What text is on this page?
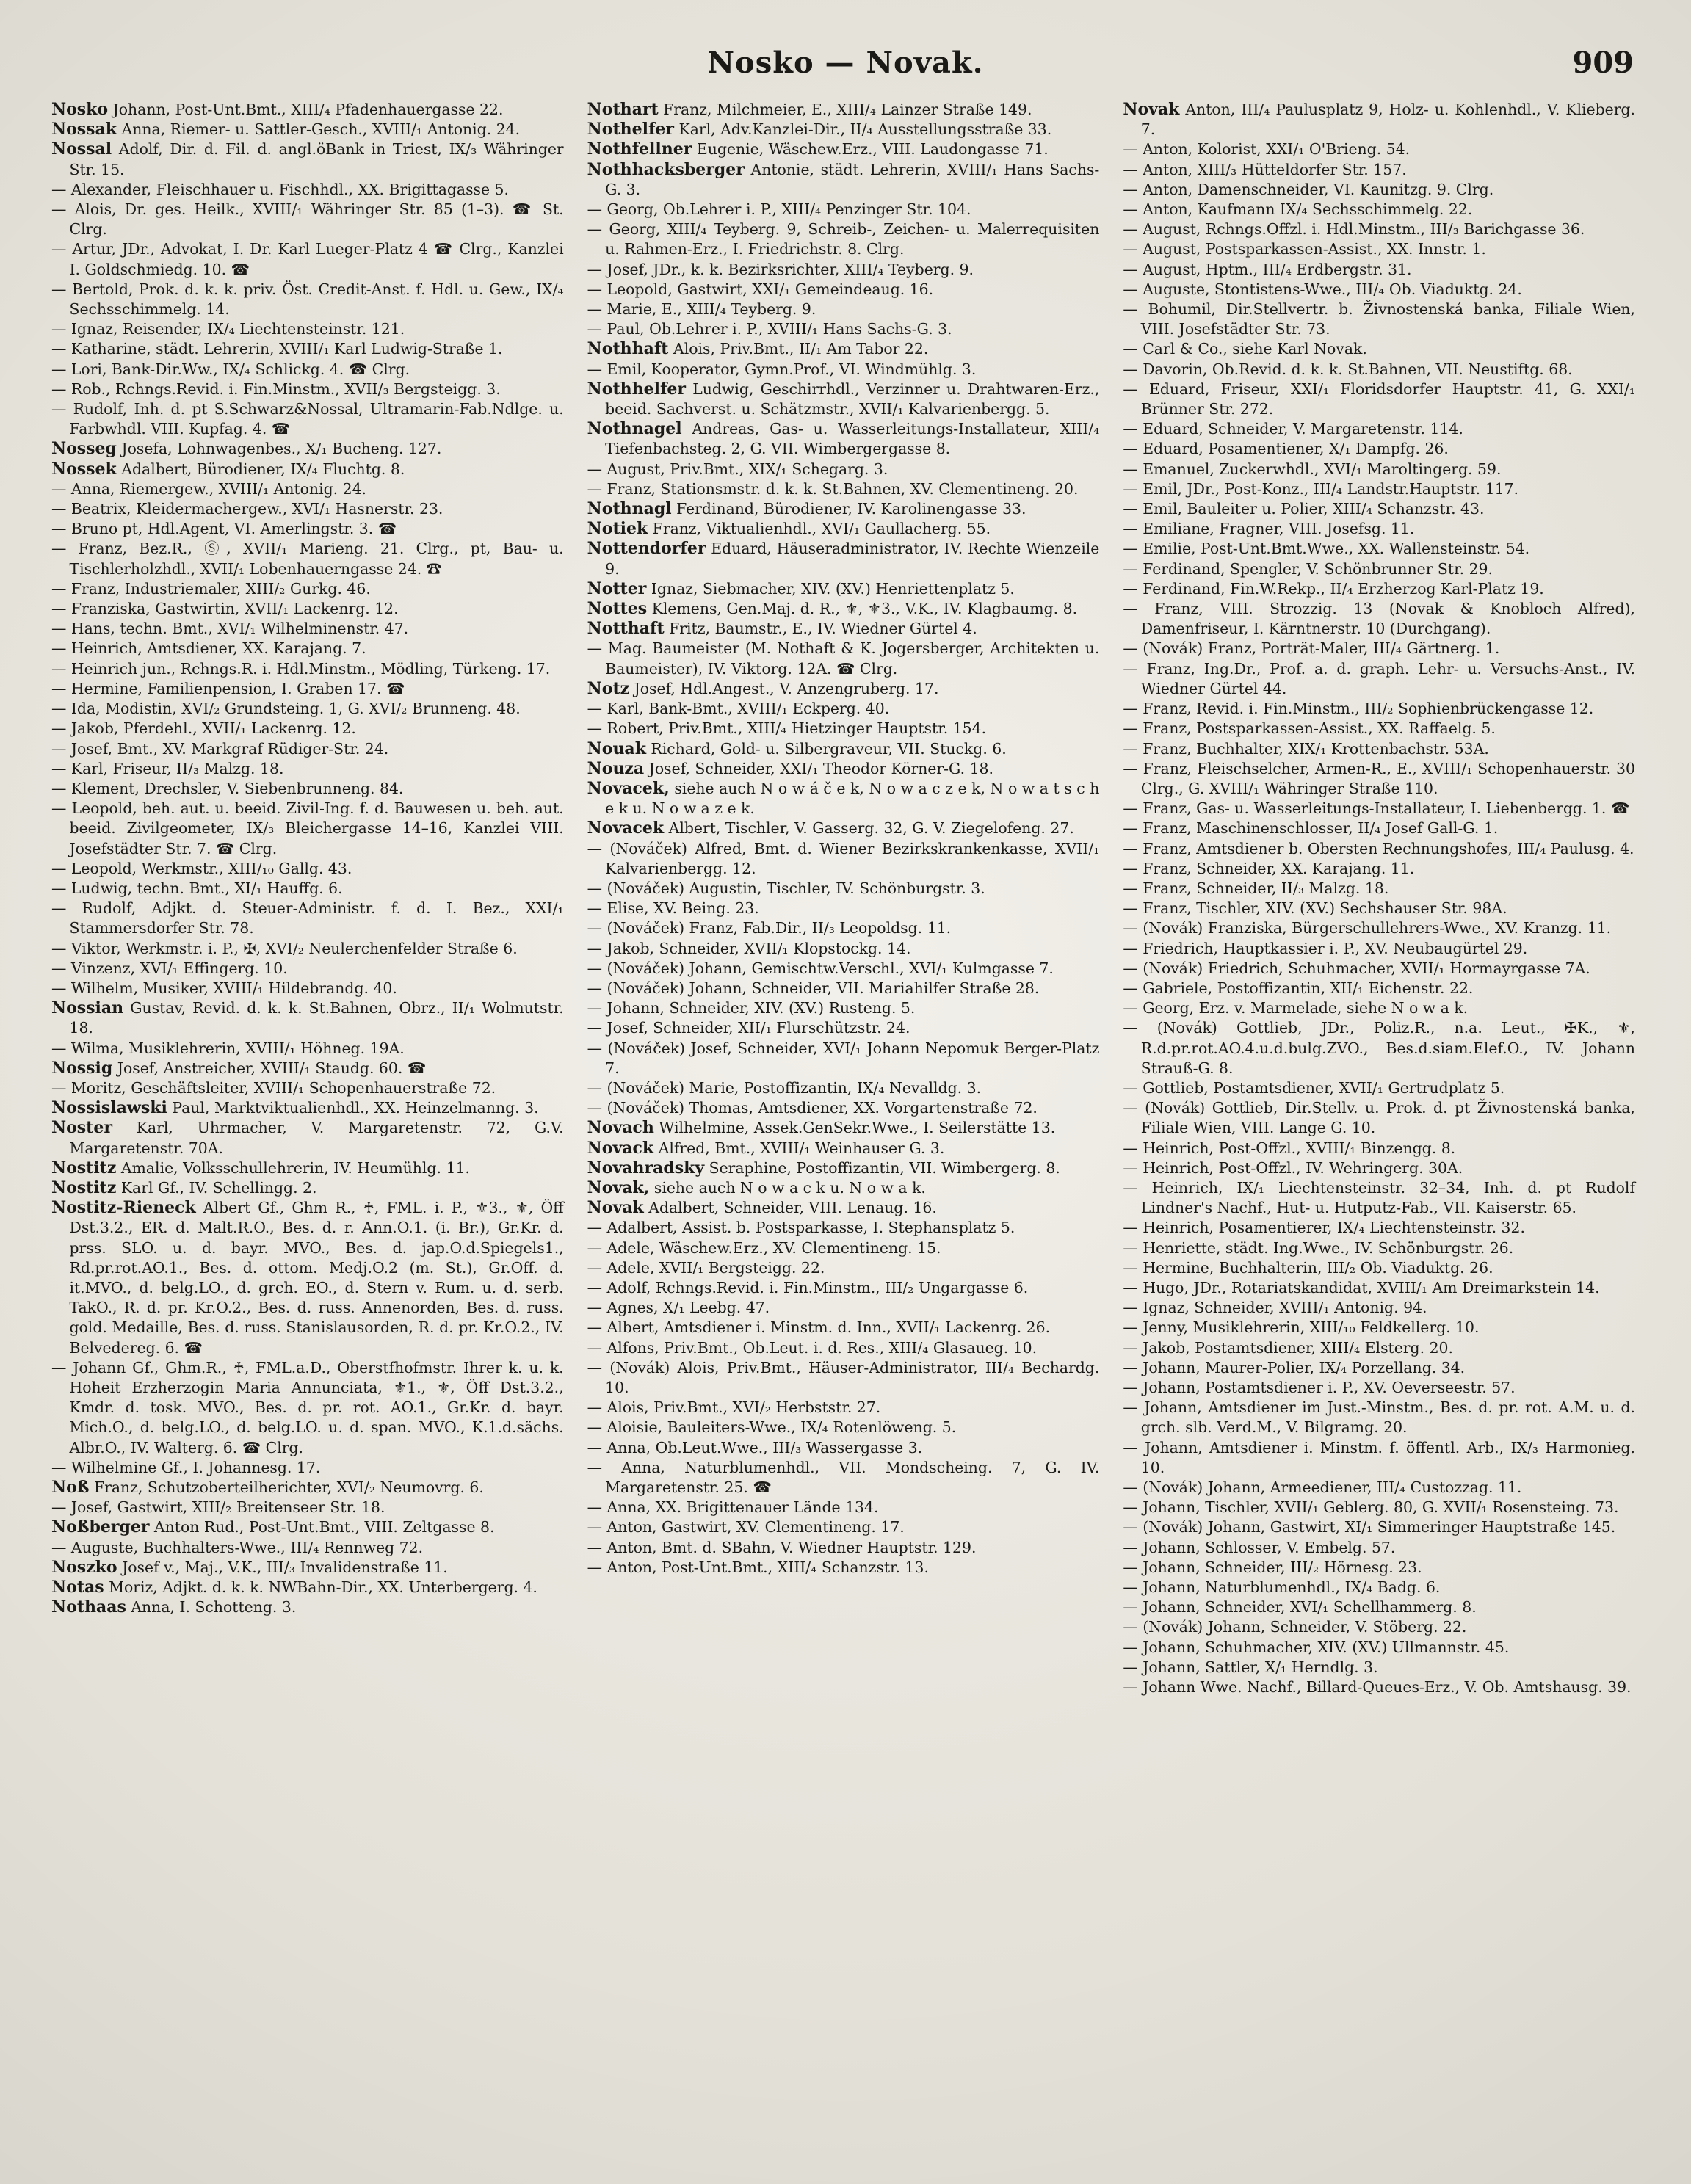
Nosko — Novak.	909

Nosko Johann, Post-Unt.Bmt., XIII/₄ Pfadenhauergasse 22.

Nossak Anna, Riemer- u. Sattler-Gesch., XVIII/₁ Antonig. 24.

Nossal Adolf, Dir. d. Fil. d. angl.öBank in Triest, IX/₃ Währinger Str. 15.

— Alexander, Fleischhauer u. Fischhdl., XX. Brigittagasse 5.

— Alois, Dr. ges. Heilk., XVIII/₁ Währinger Str. 85 (1–3). ☎ St. Clrg.

— Artur, JDr., Advokat, I. Dr. Karl Lueger-Platz 4 ☎ Clrg., Kanzlei I. Goldschmiedg. 10. ☎

— Bertold, Prok. d. k. k. priv. Öst. Credit-Anst. f. Hdl. u. Gew., IX/₄ Sechsschimmelg. 14.

— Ignaz, Reisender, IX/₄ Liechtensteinstr. 121.

— Katharine, städt. Lehrerin, XVIII/₁ Karl Ludwig-Straße 1.

— Lori, Bank-Dir.Ww., IX/₄ Schlickg. 4. ☎ Clrg.

— Rob., Rchngs.Revid. i. Fin.Minstm., XVII/₃ Bergsteigg. 3.

— Rudolf, Inh. d. pt S.Schwarz&Nossal, Ultramarin-Fab.Ndlge. u. Farbwhdl. VIII. Kupfag. 4. ☎

Nosseg Josefa, Lohnwagenbes., X/₁ Bucheng. 127.

Nossek Adalbert, Bürodiener, IX/₄ Fluchtg. 8.

— Anna, Riemergew., XVIII/₁ Antonig. 24.

— Beatrix, Kleidermachergew., XVI/₁ Hasnerstr. 23.

— Bruno pt, Hdl.Agent, VI. Amerlingstr. 3. ☎

— Franz, Bez.R., Ⓢ, XVII/₁ Marieng. 21. Clrg., pt, Bau- u. Tischlerholzhdl., XVII/₁ Lobenhauerngasse 24. ☎

— Franz, Industriemaler, XIII/₂ Gurkg. 46.

— Franziska, Gastwirtin, XVII/₁ Lackenrg. 12.

— Hans, techn. Bmt., XVI/₁ Wilhelminenstr. 47.

— Heinrich, Amtsdiener, XX. Karajang. 7.

— Heinrich jun., Rchngs.R. i. Hdl.Minstm., Mödling, Türkeng. 17.

— Hermine, Familienpension, I. Graben 17. ☎

— Ida, Modistin, XVI/₂ Grundsteing. 1, G. XVI/₂ Brunneng. 48.

— Jakob, Pferdehl., XVII/₁ Lackenrg. 12.

— Josef, Bmt., XV. Markgraf Rüdiger-Str. 24.

— Karl, Friseur, II/₃ Malzg. 18.

— Klement, Drechsler, V. Siebenbrunneng. 84.

— Leopold, beh. aut. u. beeid. Zivil-Ing. f. d. Bauwesen u. beh. aut. beeid. Zivilgeometer, IX/₃ Bleichergasse 14–16, Kanzlei VIII. Josefstädter Str. 7. ☎ Clrg.

— Leopold, Werkmstr., XIII/₁₀ Gallg. 43.

— Ludwig, techn. Bmt., XI/₁ Hauffg. 6.

— Rudolf, Adjkt. d. Steuer-Administr. f. d. I. Bez., XXI/₁ Stammersdorfer Str. 78.

— Viktor, Werkmstr. i. P., ✠, XVI/₂ Neulerchenfelder Straße 6.

— Vinzenz, XVI/₁ Effingerg. 10.

— Wilhelm, Musiker, XVIII/₁ Hildebrandg. 40.

Nossian Gustav, Revid. d. k. k. St.Bahnen, Obrz., II/₁ Wolmutstr. 18.

— Wilma, Musiklehrerin, XVIII/₁ Höhneg. 19A.

Nossig Josef, Anstreicher, XVIII/₁ Staudg. 60. ☎

— Moritz, Geschäftsleiter, XVIII/₁ Schopenhauerstraße 72.

Nossislawski Paul, Marktviktualienhdl., XX. Heinzelmanng. 3.

Noster Karl, Uhrmacher, V. Margaretenstr. 72, G.V. Margaretenstr. 70A.

Nostitz Amalie, Volksschullehrerin, IV. Heumühlg. 11.

Nostitz Karl Gf., IV. Schellingg. 2.

Nostitz-Rieneck Albert Gf., Ghm R., ♰, FML. i. P., ⚜3., ⚜, Öff Dst.3.2., ER. d. Malt.R.O., Bes. d. r. Ann.O.1. (i. Br.), Gr.Kr. d. prss. SLO. u. d. bayr. MVO., Bes. d. jap.O.d.Spiegels1., Rd.pr.rot.AO.1., Bes. d. ottom. Medj.O.2 (m. St.), Gr.Off. d. it.MVO., d. belg.LO., d. grch. EO., d. Stern v. Rum. u. d. serb. TakO., R. d. pr. Kr.O.2., Bes. d. russ. Annenorden, Bes. d. russ. gold. Medaille, Bes. d. russ. Stanislausorden, R. d. pr. Kr.O.2., IV. Belvedereg. 6. ☎

— Johann Gf., Ghm.R., ♰, FML.a.D., Oberstfhofmstr. Ihrer k. u. k. Hoheit Erzherzogin Maria Annunciata, ⚜1., ⚜, Öff Dst.3.2., Kmdr. d. tosk. MVO., Bes. d. pr. rot. AO.1., Gr.Kr. d. bayr. Mich.O., d. belg.LO., d. belg.LO. u. d. span. MVO., K.1.d.sächs. Albr.O., IV. Walterg. 6. ☎ Clrg.

— Wilhelmine Gf., I. Johannesg. 17.

Noß Franz, Schutzoberteilherichter, XVI/₂ Neumovrg. 6.

— Josef, Gastwirt, XIII/₂ Breitenseer Str. 18.

Noßberger Anton Rud., Post-Unt.Bmt., VIII. Zeltgasse 8.

— Auguste, Buchhalters-Wwe., III/₄ Rennweg 72.

Noszko Josef v., Maj., V.K., III/₃ Invalidenstraße 11.

Notas Moriz, Adjkt. d. k. k. NWBahn-Dir., XX. Unterbergerg. 4.

Nothaas Anna, I. Schotteng. 3.

Nothart Franz, Milchmeier, E., XIII/₄ Lainzer Straße 149.

Nothelfer Karl, Adv.Kanzlei-Dir., II/₄ Ausstellungsstraße 33.

Nothfellner Eugenie, Wäschew.Erz., VIII. Laudongasse 71.

Nothhacksberger Antonie, städt. Lehrerin, XVIII/₁ Hans Sachs-G. 3.

— Georg, Ob.Lehrer i. P., XIII/₄ Penzinger Str. 104.

— Georg, XIII/₄ Teyberg. 9, Schreib-, Zeichen- u. Malerrequisiten u. Rahmen-Erz., I. Friedrichstr. 8. Clrg.

— Josef, JDr., k. k. Bezirksrichter, XIII/₄ Teyberg. 9.

— Leopold, Gastwirt, XXI/₁ Gemeindeaug. 16.

— Marie, E., XIII/₄ Teyberg. 9.

— Paul, Ob.Lehrer i. P., XVIII/₁ Hans Sachs-G. 3.

Nothhaft Alois, Priv.Bmt., II/₁ Am Tabor 22.

— Emil, Kooperator, Gymn.Prof., VI. Windmühlg. 3.

Nothhelfer Ludwig, Geschirrhdl., Verzinner u. Drahtwaren-Erz., beeid. Sachverst. u. Schätzmstr., XVII/₁ Kalvarienbergg. 5.

Nothnagel Andreas, Gas- u. Wasserleitungs-Installateur, XIII/₄ Tiefenbachsteg. 2, G. VII. Wimbergergasse 8.

— August, Priv.Bmt., XIX/₁ Schegarg. 3.

— Franz, Stationsmstr. d. k. k. St.Bahnen, XV. Clementineng. 20.

Nothnagl Ferdinand, Bürodiener, IV. Karolinengasse 33.

Notiek Franz, Viktualienhdl., XVI/₁ Gaullacherg. 55.

Nottendorfer Eduard, Häuseradministrator, IV. Rechte Wienzeile 9.

Notter Ignaz, Siebmacher, XIV. (XV.) Henriettenplatz 5.

Nottes Klemens, Gen.Maj. d. R., ⚜, ⚜3., V.K., IV. Klagbaumg. 8.

Notthaft Fritz, Baumstr., E., IV. Wiedner Gürtel 4.

— Mag. Baumeister (M. Nothaft & K. Jogersberger, Architekten u. Baumeister), IV. Viktorg. 12A. ☎ Clrg.

Notz Josef, Hdl.Angest., V. Anzengruberg. 17.

— Karl, Bank-Bmt., XVIII/₁ Eckperg. 40.

— Robert, Priv.Bmt., XIII/₄ Hietzinger Hauptstr. 154.

Nouak Richard, Gold- u. Silbergraveur, VII. Stuckg. 6.

Nouza Josef, Schneider, XXI/₁ Theodor Körner-G. 18.

Novacek, siehe auch N o w á č e k, N o w a c z e k, N o w a t s c h e k u. N o w a z e k.

Novacek Albert, Tischler, V. Gasserg. 32, G. V. Ziegelofeng. 27.

— (Nováček) Alfred, Bmt. d. Wiener Bezirkskrankenkasse, XVII/₁ Kalvarienbergg. 12.

— (Nováček) Augustin, Tischler, IV. Schönburgstr. 3.

— Elise, XV. Being. 23.

— (Nováček) Franz, Fab.Dir., II/₃ Leopoldsg. 11.

— Jakob, Schneider, XVII/₁ Klopstockg. 14.

— (Nováček) Johann, Gemischtw.Verschl., XVI/₁ Kulmgasse 7.

— (Nováček) Johann, Schneider, VII. Mariahilfer Straße 28.

— Johann, Schneider, XIV. (XV.) Rusteng. 5.

— Josef, Schneider, XII/₁ Flurschützstr. 24.

— (Nováček) Josef, Schneider, XVI/₁ Johann Nepomuk Berger-Platz 7.

— (Nováček) Marie, Postoffizantin, IX/₄ Nevalldg. 3.

— (Nováček) Thomas, Amtsdiener, XX. Vorgartenstraße 72.

Novach Wilhelmine, Assek.GenSekr.Wwe., I. Seilerstätte 13.

Novack Alfred, Bmt., XVIII/₁ Weinhauser G. 3.

Novahradsky Seraphine, Postoffizantin, VII. Wimbergerg. 8.

Novak, siehe auch N o w a c k u. N o w a k.

Novak Adalbert, Schneider, VIII. Lenaug. 16.

— Adalbert, Assist. b. Postsparkasse, I. Stephansplatz 5.

— Adele, Wäschew.Erz., XV. Clementineng. 15.

— Adele, XVII/₁ Bergsteigg. 22.

— Adolf, Rchngs.Revid. i. Fin.Minstm., III/₂ Ungargasse 6.

— Agnes, X/₁ Leebg. 47.

— Albert, Amtsdiener i. Minstm. d. Inn., XVII/₁ Lackenrg. 26.

— Alfons, Priv.Bmt., Ob.Leut. i. d. Res., XIII/₄ Glasaueg. 10.

— (Novák) Alois, Priv.Bmt., Häuser-Administrator, III/₄ Bechardg. 10.

— Alois, Priv.Bmt., XVI/₂ Herbststr. 27.

— Aloisie, Bauleiters-Wwe., IX/₄ Rotenlöweng. 5.

— Anna, Ob.Leut.Wwe., III/₃ Wassergasse 3.

— Anna, Naturblumenhdl., VII. Mondscheing. 7, G. IV. Margaretenstr. 25. ☎

— Anna, XX. Brigittenauer Lände 134.

— Anton, Gastwirt, XV. Clementineng. 17.

— Anton, Bmt. d. SBahn, V. Wiedner Hauptstr. 129.

— Anton, Post-Unt.Bmt., XIII/₄ Schanzstr. 13.

Novak Anton, III/₄ Paulusplatz 9, Holz- u. Kohlenhdl., V. Klieberg. 7.

— Anton, Kolorist, XXI/₁ O'Brieng. 54.

— Anton, XIII/₃ Hütteldorfer Str. 157.

— Anton, Damenschneider, VI. Kaunitzg. 9. Clrg.

— Anton, Kaufmann IX/₄ Sechsschimmelg. 22.

— August, Rchngs.Offzl. i. Hdl.Minstm., III/₃ Barichgasse 36.

— August, Postsparkassen-Assist., XX. Innstr. 1.

— August, Hptm., III/₄ Erdbergstr. 31.

— Auguste, Stontistens-Wwe., III/₄ Ob. Viaduktg. 24.

— Bohumil, Dir.Stellvertr. b. Živnostenská banka, Filiale Wien, VIII. Josefstädter Str. 73.

— Carl & Co., siehe Karl Novak.

— Davorin, Ob.Revid. d. k. k. St.Bahnen, VII. Neustiftg. 68.

— Eduard, Friseur, XXI/₁ Floridsdorfer Hauptstr. 41, G. XXI/₁ Brünner Str. 272.

— Eduard, Schneider, V. Margaretenstr. 114.

— Eduard, Posamentiener, X/₁ Dampfg. 26.

— Emanuel, Zuckerwhdl., XVI/₁ Maroltingerg. 59.

— Emil, JDr., Post-Konz., III/₄ Landstr.Hauptstr. 117.

— Emil, Bauleiter u. Polier, XIII/₄ Schanzstr. 43.

— Emiliane, Fragner, VIII. Josefsg. 11.

— Emilie, Post-Unt.Bmt.Wwe., XX. Wallensteinstr. 54.

— Ferdinand, Spengler, V. Schönbrunner Str. 29.

— Ferdinand, Fin.W.Rekp., II/₄ Erzherzog Karl-Platz 19.

— Franz, VIII. Strozzig. 13 (Novak & Knobloch Alfred), Damenfriseur, I. Kärntnerstr. 10 (Durchgang).

— (Novák) Franz, Porträt-Maler, III/₄ Gärtnerg. 1.

— Franz, Ing.Dr., Prof. a. d. graph. Lehr- u. Versuchs-Anst., IV. Wiedner Gürtel 44.

— Franz, Revid. i. Fin.Minstm., III/₂ Sophienbrückengasse 12.

— Franz, Postsparkassen-Assist., XX. Raffaelg. 5.

— Franz, Buchhalter, XIX/₁ Krottenbachstr. 53A.

— Franz, Fleischselcher, Armen-R., E., XVIII/₁ Schopenhauerstr. 30 Clrg., G. XVIII/₁ Währinger Straße 110.

— Franz, Gas- u. Wasserleitungs-Installateur, I. Liebenbergg. 1. ☎

— Franz, Maschinenschlosser, II/₄ Josef Gall-G. 1.

— Franz, Amtsdiener b. Obersten Rechnungshofes, III/₄ Paulusg. 4.

— Franz, Schneider, XX. Karajang. 11.

— Franz, Schneider, II/₃ Malzg. 18.

— Franz, Tischler, XIV. (XV.) Sechshauser Str. 98A.

— (Novák) Franziska, Bürgerschullehrers-Wwe., XV. Kranzg. 11.

— Friedrich, Hauptkassier i. P., XV. Neubaugürtel 29.

— (Novák) Friedrich, Schuhmacher, XVII/₁ Hormayrgasse 7A.

— Gabriele, Postoffizantin, XII/₁ Eichenstr. 22.

— Georg, Erz. v. Marmelade, siehe N o w a k.

— (Novák) Gottlieb, JDr., Poliz.R., n.a. Leut., ✠K., ⚜, R.d.pr.rot.AO.4.u.d.bulg.ZVO., Bes.d.siam.Elef.O., IV. Johann Strauß-G. 8.

— Gottlieb, Postamtsdiener, XVII/₁ Gertrudplatz 5.

— (Novák) Gottlieb, Dir.Stellv. u. Prok. d. pt Živnostenská banka, Filiale Wien, VIII. Lange G. 10.

— Heinrich, Post-Offzl., XVIII/₁ Binzengg. 8.

— Heinrich, Post-Offzl., IV. Wehringerg. 30A.

— Heinrich, IX/₁ Liechtensteinstr. 32–34, Inh. d. pt Rudolf Lindner's Nachf., Hut- u. Hutputz-Fab., VII. Kaiserstr. 65.

— Heinrich, Posamentierer, IX/₄ Liechtensteinstr. 32.

— Henriette, städt. Ing.Wwe., IV. Schönburgstr. 26.

— Hermine, Buchhalterin, III/₂ Ob. Viaduktg. 26.

— Hugo, JDr., Rotariatskandidat, XVIII/₁ Am Dreimarkstein 14.

— Ignaz, Schneider, XVIII/₁ Antonig. 94.

— Jenny, Musiklehrerin, XIII/₁₀ Feldkellerg. 10.

— Jakob, Postamtsdiener, XIII/₄ Elsterg. 20.

— Johann, Maurer-Polier, IX/₄ Porzellang. 34.

— Johann, Postamtsdiener i. P., XV. Oeverseestr. 57.

— Johann, Amtsdiener im Just.-Minstm., Bes. d. pr. rot. A.M. u. d. grch. slb. Verd.M., V. Bilgramg. 20.

— Johann, Amtsdiener i. Minstm. f. öffentl. Arb., IX/₃ Harmonieg. 10.

— (Novák) Johann, Armeediener, III/₄ Custozzag. 11.

— Johann, Tischler, XVII/₁ Geblerg. 80, G. XVII/₁ Rosensteing. 73.

— (Novák) Johann, Gastwirt, XI/₁ Simmeringer Hauptstraße 145.

— Johann, Schlosser, V. Embelg. 57.

— Johann, Schneider, III/₂ Hörnesg. 23.

— Johann, Naturblumenhdl., IX/₄ Badg. 6.

— Johann, Schneider, XVI/₁ Schellhammerg. 8.

— (Novák) Johann, Schneider, V. Stöberg. 22.

— Johann, Schuhmacher, XIV. (XV.) Ullmannstr. 45.

— Johann, Sattler, X/₁ Herndlg. 3.

— Johann Wwe. Nachf., Billard-Queues-Erz., V. Ob. Amtshausg. 39.
